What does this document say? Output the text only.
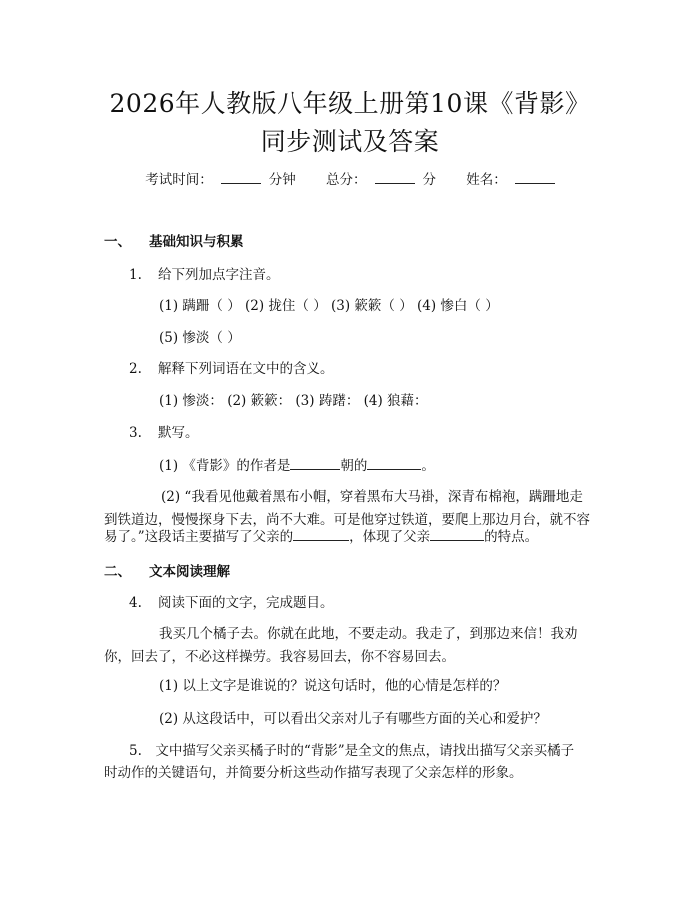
2026年人教版八年级上册第10课《背影》
同步测试及答案
考试时间：	分钟 总分：	分 姓名：
一、 基础知识与积累
1. 给下列加点字注音。
(1) 蹒跚（ ） (2) 拢住（ ） (3) 簌簌（ ） (4) 惨白（ ）
(5) 惨淡（ ）
2. 解释下列词语在文中的含义。
(1) 惨淡： (2) 簌簌： (3) 踌躇： (4) 狼藉：
3. 默写。
(1) 《背影》的作者是	朝的	。
(2) “我看见他戴着黑布小帽，穿着黑布大马褂，深青布棉袍，蹒跚地走
到铁道边，慢慢探身下去，尚不大难。可是他穿过铁道，要爬上那边月台，就不容
易了。”这段话主要描写了父亲的	，体现了父亲	的特点。
二、 文本阅读理解
4. 阅读下面的文字，完成题目。
我买几个橘子去。你就在此地，不要走动。我走了，到那边来信！我劝
你，回去了，不必这样操劳。我容易回去，你不容易回去。
(1) 以上文字是谁说的？说这句话时，他的心情是怎样的？
(2) 从这段话中，可以看出父亲对儿子有哪些方面的关心和爱护？
5.　文中描写父亲买橘子时的“背影”是全文的焦点，请找出描写父亲买橘子
时动作的关键语句，并简要分析这些动作描写表现了父亲怎样的形象。
